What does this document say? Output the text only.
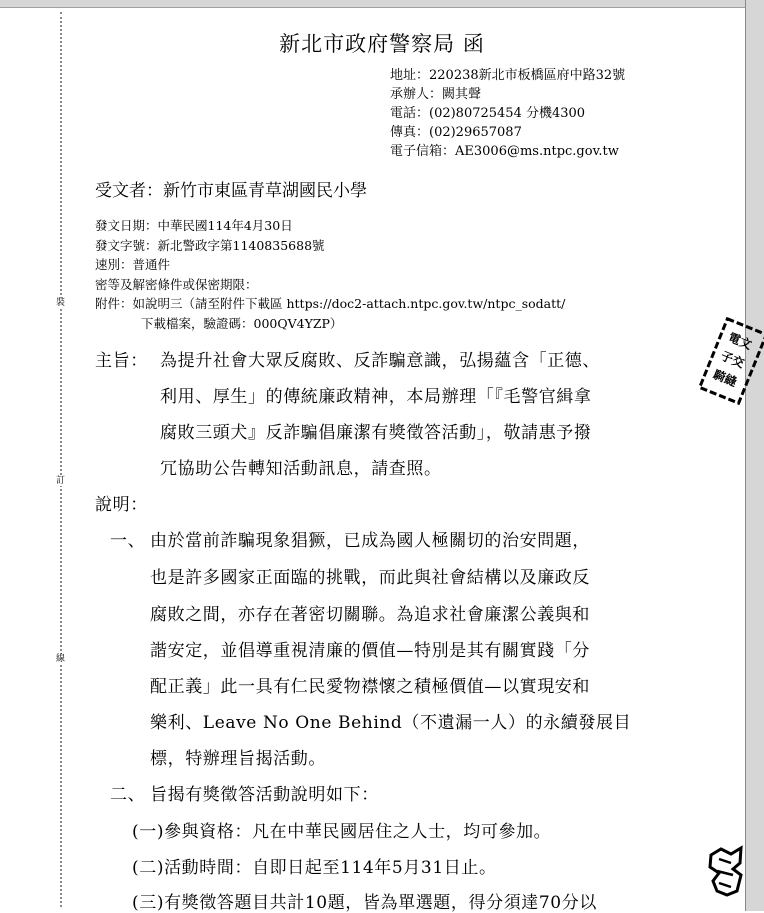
裝
訂
線
新北市政府警察局 函
地址：220238新北市板橋區府中路32號
承辦人：闕其聲
電話：(02)80725454 分機4300
傳真：(02)29657087
電子信箱：AE3006@ms.ntpc.gov.tw
受文者：新竹市東區青草湖國民小學
發文日期：中華民國114年4月30日
發文字號：新北警政字第1140835688號
速別：普通件
密等及解密條件或保密期限：
附件：如說明三（請至附件下載區 https://doc2-attach.ntpc.gov.tw/ntpc_sodatt/
下載檔案，驗證碼：000QV4YZP）
主旨： 為提升社會大眾反腐敗、反詐騙意識，弘揚蘊含「正德、
利用、厚生」的傳統廉政精神，本局辦理「『毛警官緝拿
腐敗三頭犬』反詐騙倡廉潔有獎徵答活動」，敬請惠予撥
冗協助公告轉知活動訊息，請查照。
說明：
一、 由於當前詐騙現象猖獗，已成為國人極關切的治安問題，
也是許多國家正面臨的挑戰，而此與社會結構以及廉政反
腐敗之間，亦存在著密切關聯。為追求社會廉潔公義與和
諧安定，並倡導重視清廉的價值—特別是其有關實踐「分
配正義」此一具有仁民愛物襟懷之積極價值—以實現安和
樂利、Leave No One Behind（不遺漏一人）的永續發展目
標，特辦理旨揭活動。
二、 旨揭有獎徵答活動說明如下：
(一)參與資格：凡在中華民國居住之人士，均可參加。
(二)活動時間：自即日起至114年5月31日止。
(三)有獎徵答題目共計10題，皆為單選題，得分須達70分以
電文
子交
騎縫
